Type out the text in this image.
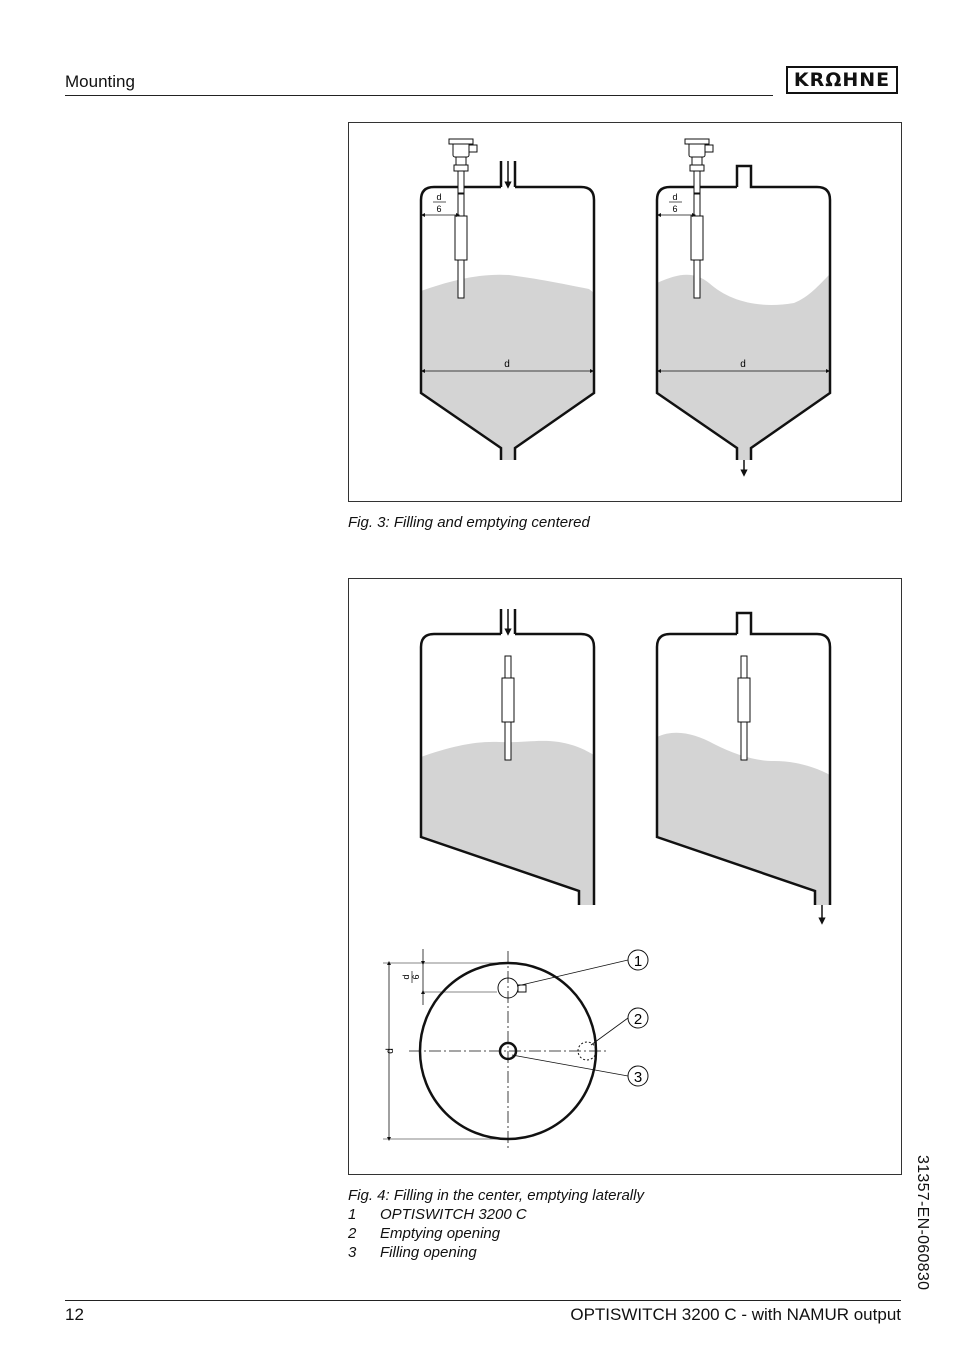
Mounting	KRΩHNE
d
6
d
d
6
d
Fig. 3: Filling and emptying centered
d
d 6
1
2
3
Fig. 4: Filling in the center, emptying laterally
1 OPTISWITCH 3200 C
2 Emptying opening
3 Filling opening	31357-EN-060830
12	OPTISWITCH 3200 C - with NAMUR output
